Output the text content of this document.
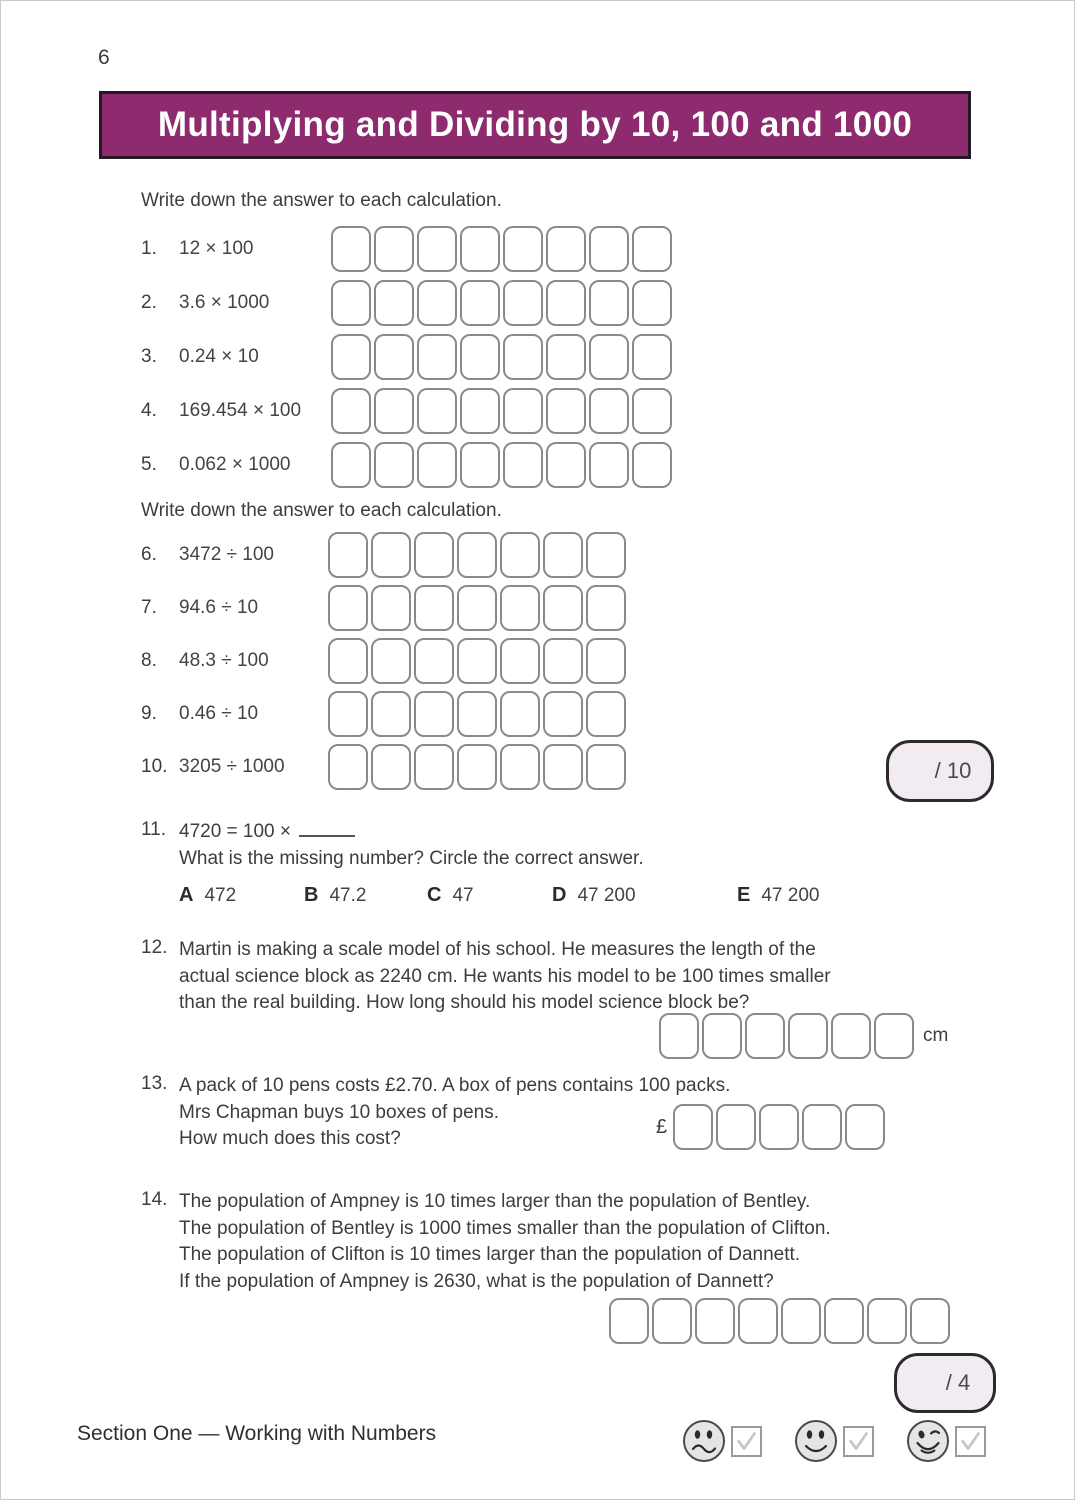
6
Multiplying and Dividing by 10, 100 and 1000
Write down the answer to each calculation.
1.	12 × 100
2.	3.6 × 1000
3.	0.24 × 10
4.	169.454 × 100
5.	0.062 × 1000
Write down the answer to each calculation.
6.	3472 ÷ 100
7.	94.6 ÷ 10
8.	48.3 ÷ 100
9.	0.46 ÷ 10
10. 3205 ÷ 1000	/ 10
11. 4720 = 100 ×
What is the missing number? Circle the correct answer.
A 472	B 47.2	C 47	D 47 200	E 47 200
12. Martin is making a scale model of his school. He measures the length of the
actual science block as 2240 cm. He wants his model to be 100 times smaller
than the real building. How long should his model science block be?
cm
13. A pack of 10 pens costs £2.70. A box of pens contains 100 packs.
Mrs Chapman buys 10 boxes of pens.
How much does this cost?
£
14. The population of Ampney is 10 times larger than the population of Bentley.
The population of Bentley is 1000 times smaller than the population of Clifton.
The population of Clifton is 10 times larger than the population of Dannett.
If the population of Ampney is 2630, what is the population of Dannett?
/ 4
Section One — Working with Numbers
